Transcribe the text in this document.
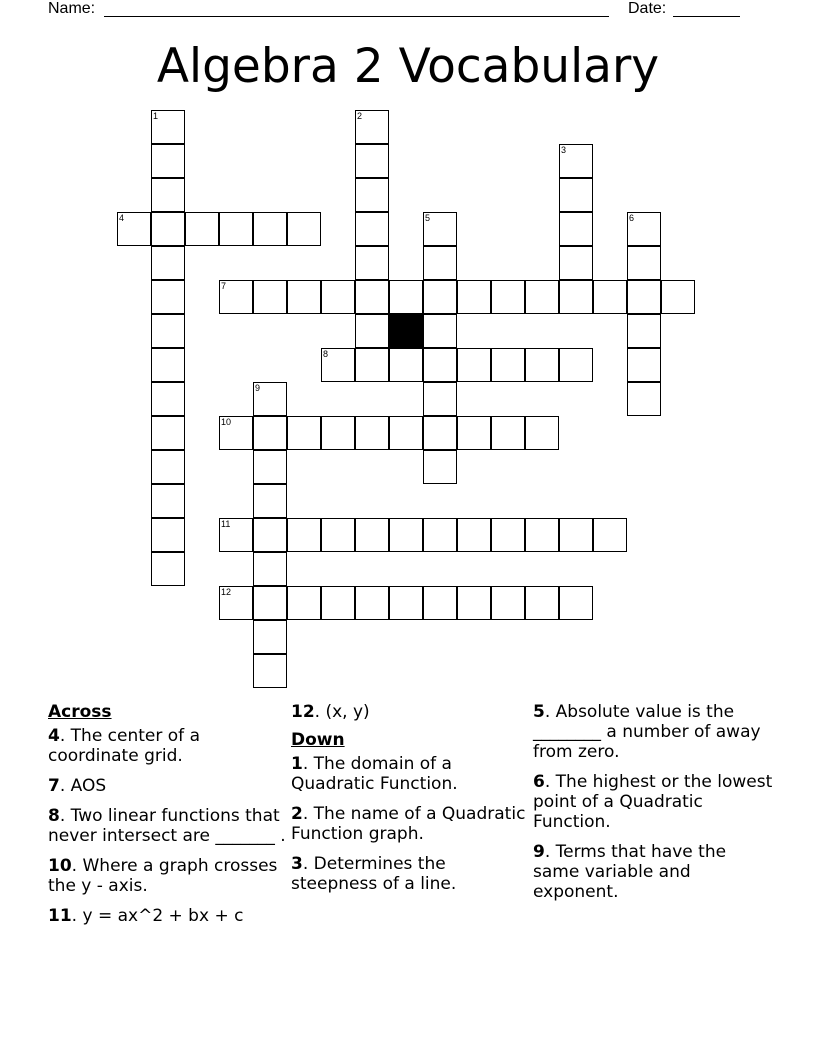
Name:	Date:
Algebra 2 Vocabulary
1	2
3
4	5	6
7
8
9
10
11
12
Across
4. The center of a coordinate grid.
7. AOS
8. Two linear functions that never intersect are _______ .
10. Where a graph crosses the y - axis.
11. y = ax^2 + bx + c
12. (x, y)
Down
1. The domain of a Quadratic Function.
2. The name of a Quadratic Function graph.
3. Determines the steepness of a line.
5. Absolute value is the ________ a number of away from zero.
6. The highest or the lowest point of a Quadratic Function.
9. Terms that have the same variable and exponent.
